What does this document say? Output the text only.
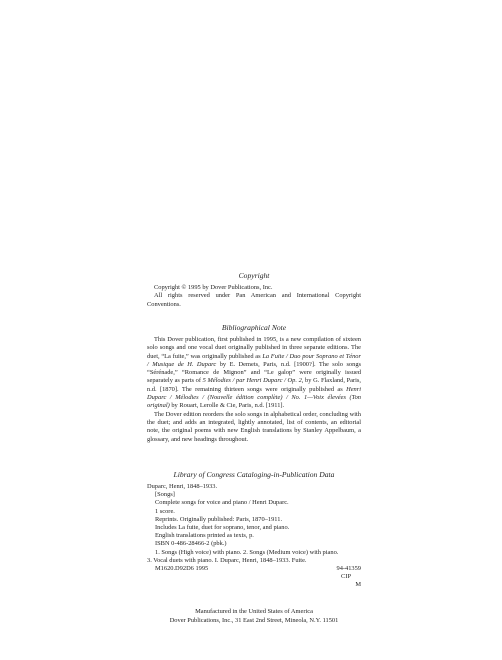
Copyright

Copyright © 1995 by Dover Publications, Inc.

All rights reserved under Pan American and International Copyright Conventions.

Bibliographical Note

This Dover publication, first published in 1995, is a new compilation of sixteen solo songs and one vocal duet originally published in three separate editions. The duet, “La fuite,” was originally published as La Fuite / Duo pour Soprano et Ténor / Musique de H. Duparc by E. Demets, Paris, n.d. [1900?]. The solo songs “Sérénade,” “Romance de Mignon” and “Le galop” were originally issued separately as parts of 5 Mélodies / par Henri Duparc / Op. 2, by G. Flaxland, Paris, n.d. [1870]. The remaining thirteen songs were originally published as Henri Duparc / Mélodies / (Nouvelle édition complète) / No. 1—Voix élevées (Ton original) by Rouart, Lerolle & Cie, Paris, n.d. [1911].

The Dover edition reorders the solo songs in alphabetical order, concluding with the duet; and adds an integrated, lightly annotated, list of contents, an editorial note, the original poems with new English translations by Stanley Appelbaum, a glossary, and new headings throughout.

Library of Congress Cataloging-in-Publication Data
Duparc, Henri, 1848–1933.
[Songs]
Complete songs for voice and piano / Henri Duparc.
1 score.
Reprints. Originally published: Paris, 1870–1911.
Includes La fuite, duet for soprano, tenor, and piano.
English translations printed as texts, p.
ISBN 0-486-28466-2 (pbk.)
1. Songs (High voice) with piano. 2. Songs (Medium voice) with piano.
3. Vocal duets with piano. I. Duparc, Henri, 1848–1933. Fuite.
M1620.D92D6 1995	94-41359
CIP
M
Manufactured in the United States of America
Dover Publications, Inc., 31 East 2nd Street, Mineola, N.Y. 11501
